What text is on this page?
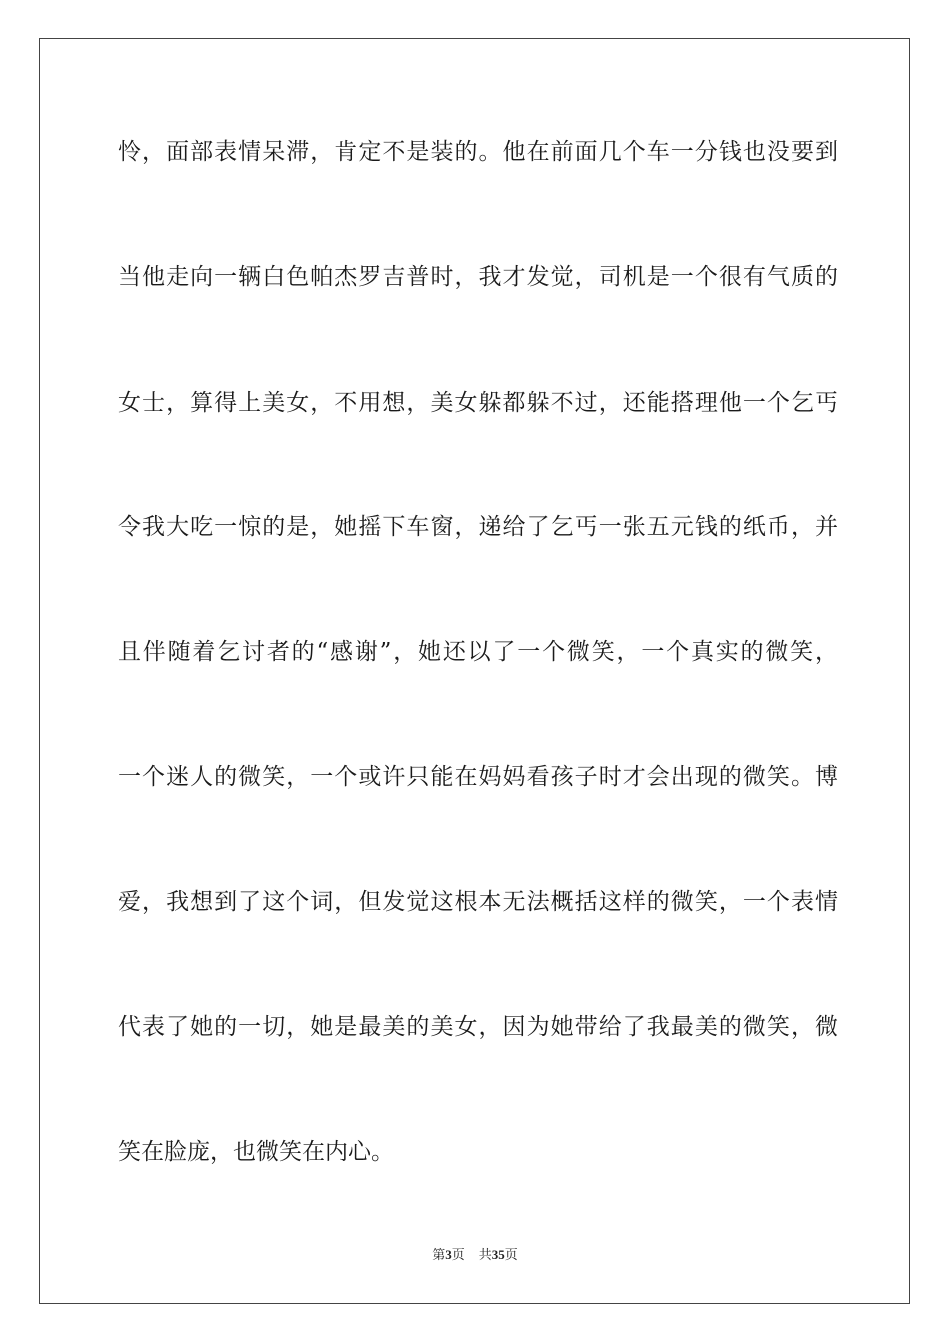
怜，面部表情呆滞，肯定不是装的。他在前面几个车一分钱也没要到
当他走向一辆白色帕杰罗吉普时，我才发觉，司机是一个很有气质的
女士，算得上美女，不用想，美女躲都躲不过，还能搭理他一个乞丐
令我大吃一惊的是，她摇下车窗，递给了乞丐一张五元钱的纸币，并
且伴随着乞讨者的“感谢”，她还以了一个微笑，一个真实的微笑，
一个迷人的微笑，一个或许只能在妈妈看孩子时才会出现的微笑。博
爱，我想到了这个词，但发觉这根本无法概括这样的微笑，一个表情
代表了她的一切，她是最美的美女，因为她带给了我最美的微笑，微
笑在脸庞，也微笑在内心。
第3页 共35页
